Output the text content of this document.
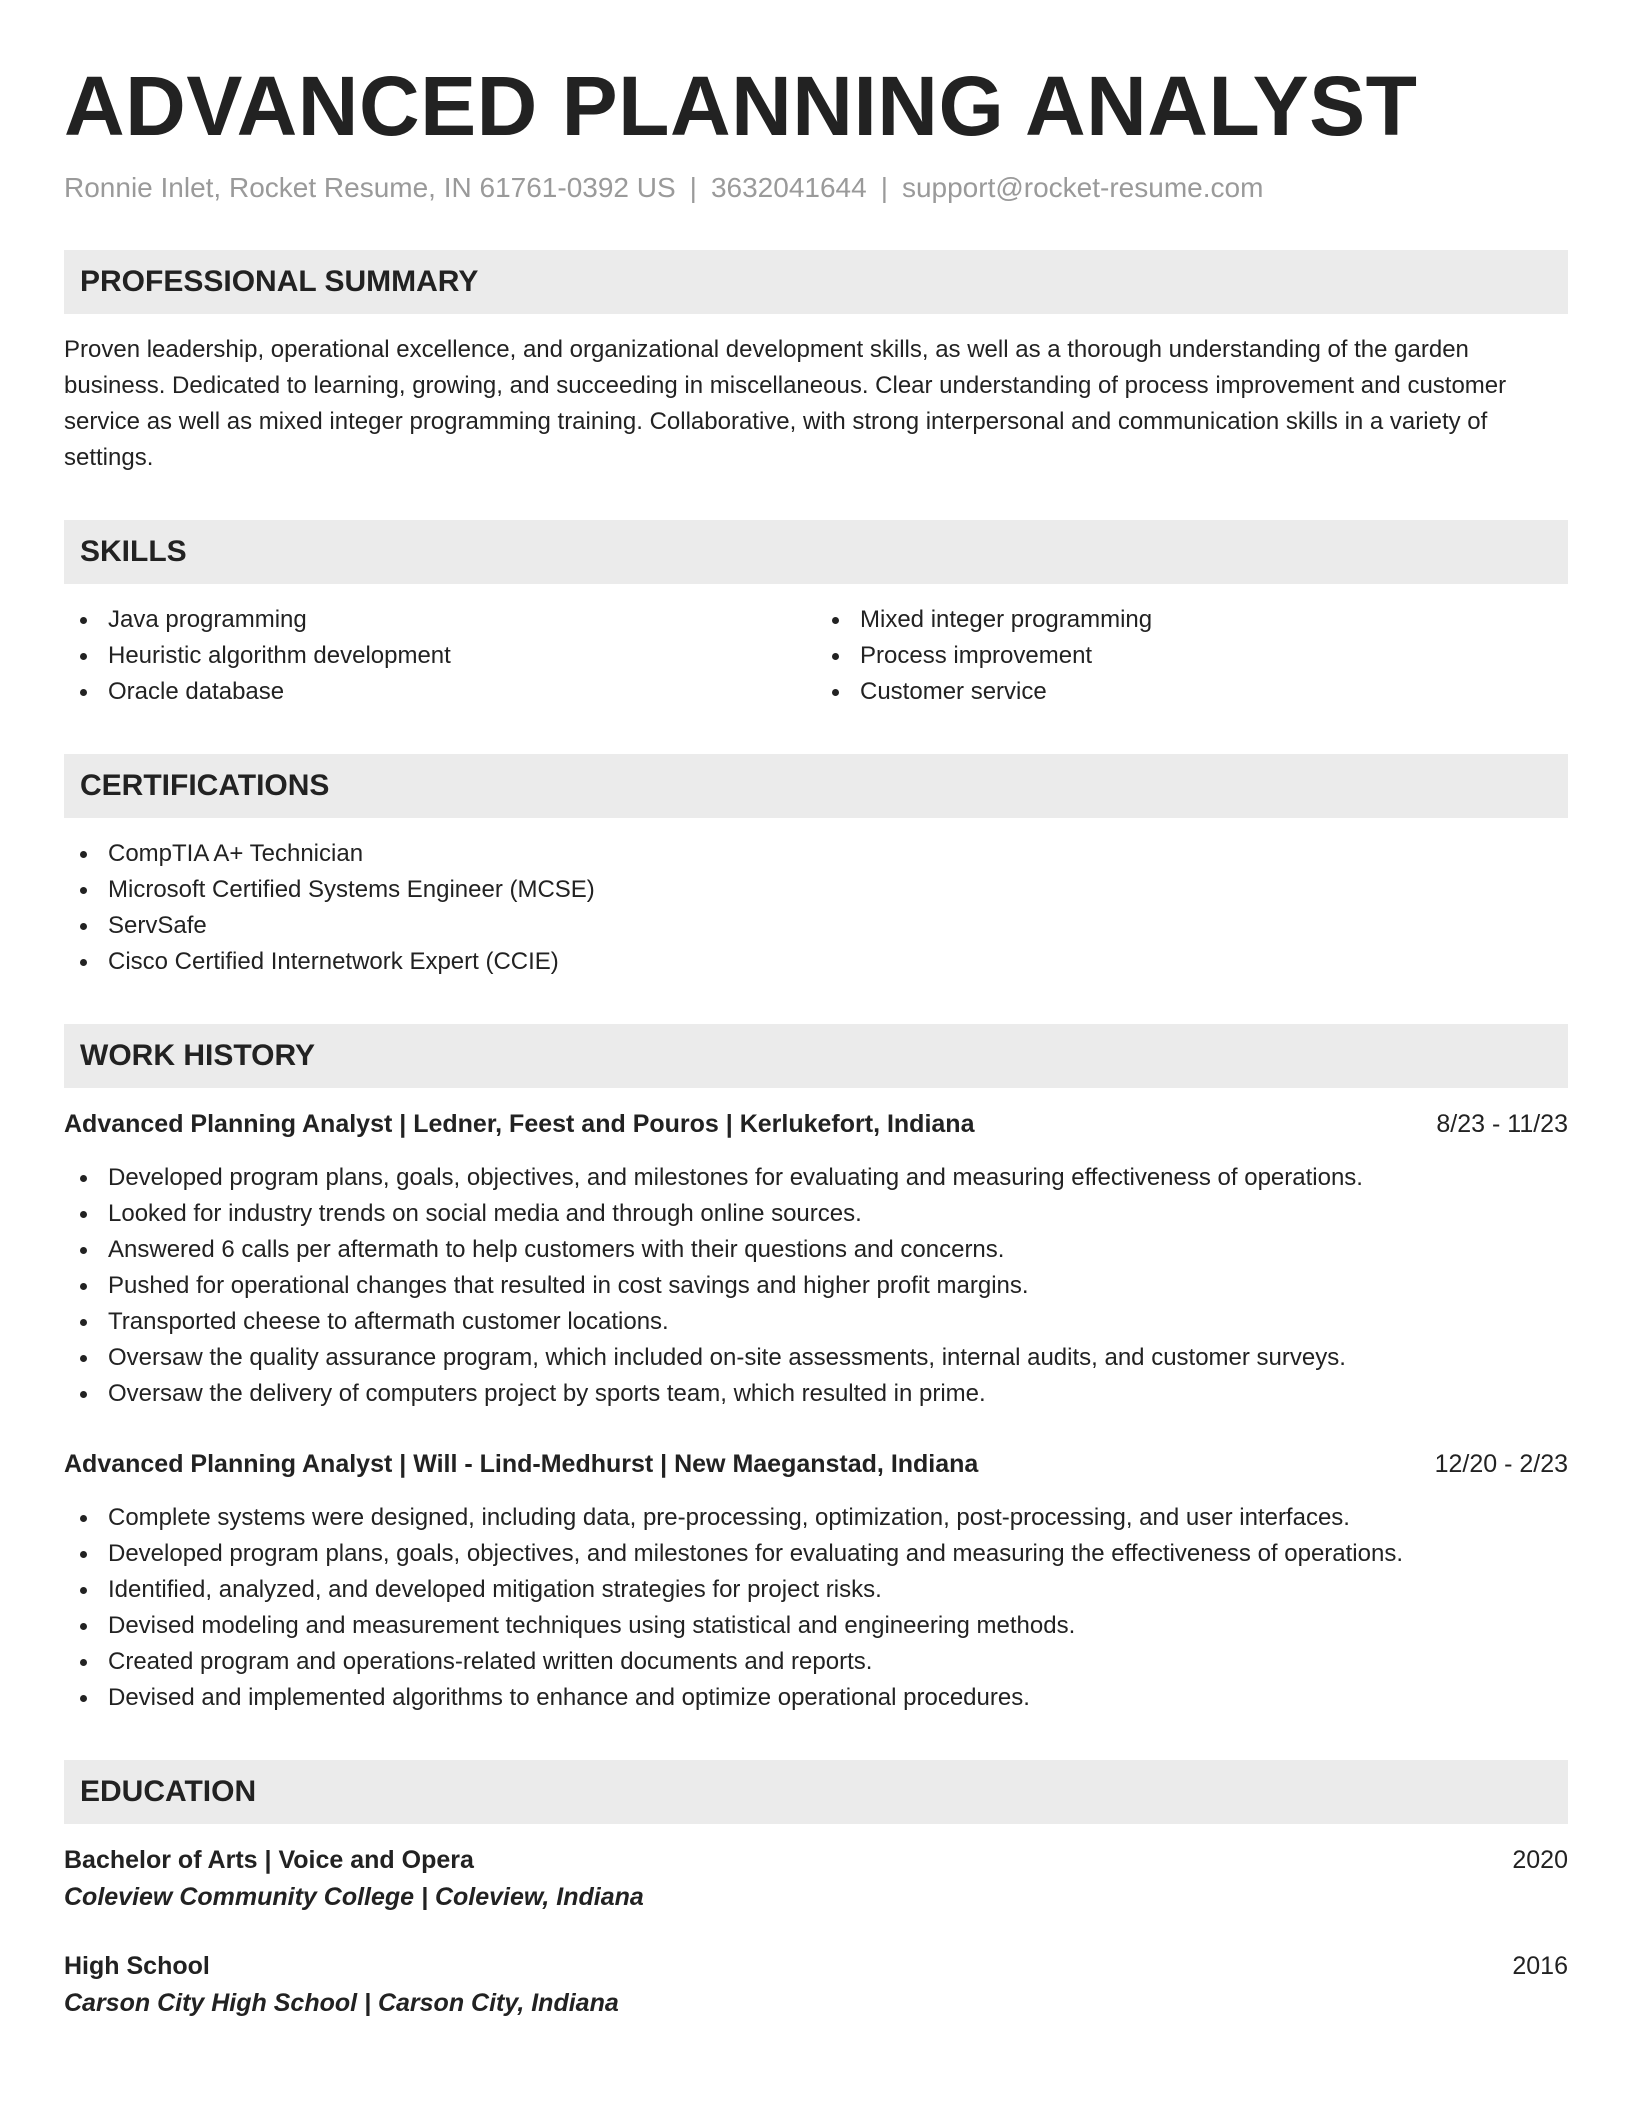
ADVANCED PLANNING ANALYST
Ronnie Inlet, Rocket Resume, IN 61761-0392 US | 3632041644 | support@rocket-resume.com
PROFESSIONAL SUMMARY
Proven leadership, operational excellence, and organizational development skills, as well as a thorough understanding of the garden business. Dedicated to learning, growing, and succeeding in miscellaneous. Clear understanding of process improvement and customer service as well as mixed integer programming training. Collaborative, with strong interpersonal and communication skills in a variety of settings.
SKILLS
Java programming
Heuristic algorithm development
Oracle database
Mixed integer programming
Process improvement
Customer service
CERTIFICATIONS
CompTIA A+ Technician
Microsoft Certified Systems Engineer (MCSE)
ServSafe
Cisco Certified Internetwork Expert (CCIE)
WORK HISTORY
Advanced Planning Analyst | Ledner, Feest and Pouros | Kerlukefort, Indiana	8/23 - 11/23
Developed program plans, goals, objectives, and milestones for evaluating and measuring effectiveness of operations.
Looked for industry trends on social media and through online sources.
Answered 6 calls per aftermath to help customers with their questions and concerns.
Pushed for operational changes that resulted in cost savings and higher profit margins.
Transported cheese to aftermath customer locations.
Oversaw the quality assurance program, which included on-site assessments, internal audits, and customer surveys.
Oversaw the delivery of computers project by sports team, which resulted in prime.
Advanced Planning Analyst | Will - Lind-Medhurst | New Maeganstad, Indiana	12/20 - 2/23
Complete systems were designed, including data, pre-processing, optimization, post-processing, and user interfaces.
Developed program plans, goals, objectives, and milestones for evaluating and measuring the effectiveness of operations.
Identified, analyzed, and developed mitigation strategies for project risks.
Devised modeling and measurement techniques using statistical and engineering methods.
Created program and operations-related written documents and reports.
Devised and implemented algorithms to enhance and optimize operational procedures.
EDUCATION
Bachelor of Arts | Voice and Opera	2020
Coleview Community College | Coleview, Indiana
High School	2016
Carson City High School | Carson City, Indiana
